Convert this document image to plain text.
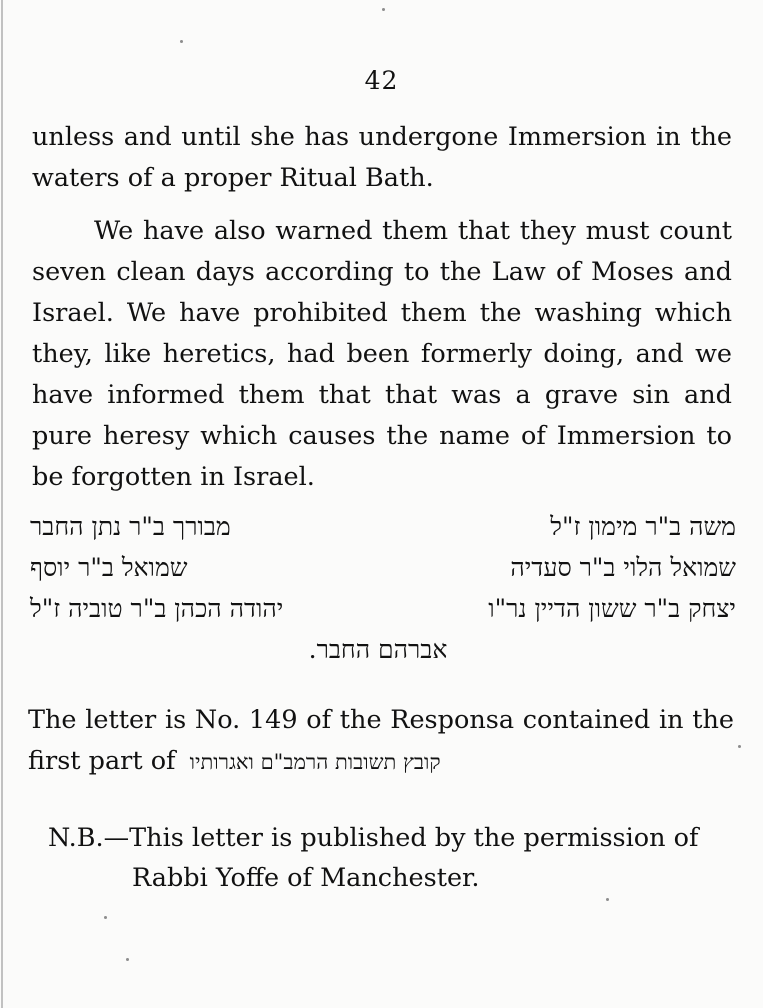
42

unless and until she has undergone Immersion in the waters of a proper Ritual Bath.

We have also warned them that they must count seven clean days according to the Law of Moses and Israel. We have prohibited them the washing which they, like heretics, had been formerly doing, and we have informed them that that was a grave sin and pure heresy which causes the name of Immersion to be forgotten in Israel.

משה ב"ר מימון ז"ל
מבורך ב"ר נתן החבר
שמואל הלוי ב"ר סעדיה
שמואל ב"ר יוסף
יצחק ב"ר ששון הדיין נר"ו
יהודה הכהן ב"ר טוביה ז"ל
אברהם החבר.

The letter is No. 149 of the Responsa contained in the first part of קובץ תשובות הרמב"ם ואגרותיו

N.B.—This letter is published by the permission of
Rabbi Yoffe of Manchester.
